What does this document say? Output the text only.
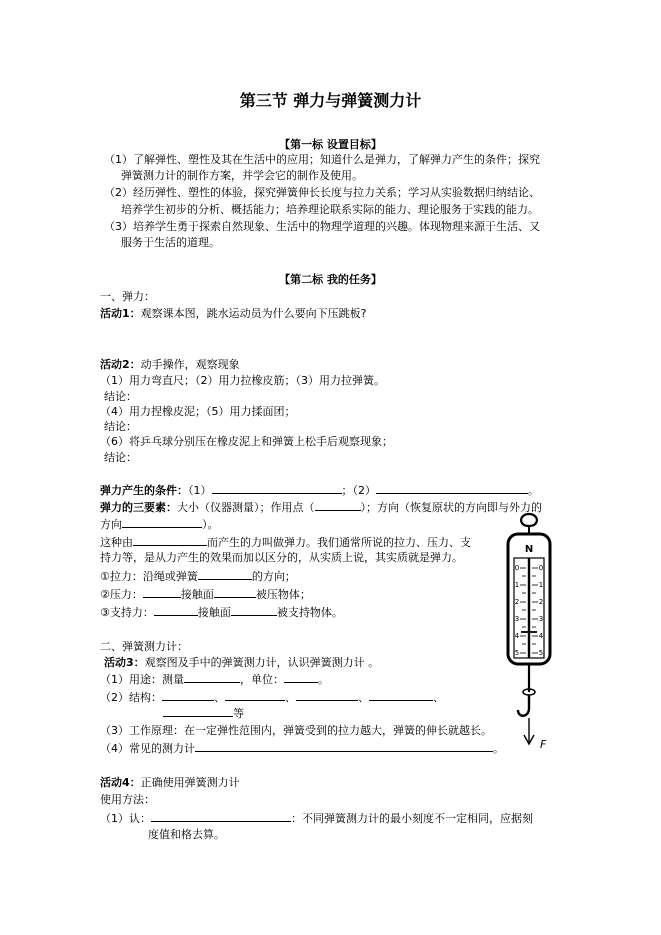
第三节 弹力与弹簧测力计
【第一标 设置目标】
（1）了解弹性、塑性及其在生活中的应用；知道什么是弹力，了解弹力产生的条件；探究
弹簧测力计的制作方案，并学会它的制作及使用。
（2）经历弹性、塑性的体验，探究弹簧伸长长度与拉力关系；学习从实验数据归纳结论、
培养学生初步的分析、概括能力；培养理论联系实际的能力、理论服务于实践的能力。
（3）培养学生勇于探索自然现象、生活中的物理学道理的兴趣。体现物理来源于生活、又
服务于生活的道理。
【第二标 我的任务】
一、弹力：
活动1：观察课本图，跳水运动员为什么要向下压跳板?
活动2：动手操作，观察现象
（1）用力弯直尺；（2）用力拉橡皮筋；（3）用力拉弹簧。
结论：
（4）用力捏橡皮泥；（5）用力揉面团；
结论：
（6）将乒乓球分别压在橡皮泥上和弹簧上松手后观察现象；
结论：
弹力产生的条件：（1）	；（2）	。
弹力的三要素：大小（仪器测量）；作用点（	）；方向（恢复原状的方向即与外力的
方向	）。
这种由	而产生的力叫做弹力。我们通常所说的拉力、压力、支
持力等，是从力产生的效果而加以区分的，从实质上说，其实质就是弹力。
①拉力：沿绳或弹簧	的方向；
②压力：	接触面	被压物体；
③支持力：	接触面	被支持物体。
二、弹簧测力计：
活动3：观察图及手中的弹簧测力计，认识弹簧测力计 。
（1）用途：测量	，单位：	。
（2）结构：	、	、	、	、
等
（3）工作原理：在一定弹性范围内，弹簧受到的拉力越大，弹簧的伸长就越长。
（4）常见的测力计	。
活动4：正确使用弹簧测力计
使用方法：
（1）认：	：不同弹簧测力计的最小刻度不一定相同，应据刻
度值和格去算。
N
0
1
2
3
4
5
0
1
2
3
4
5
F
